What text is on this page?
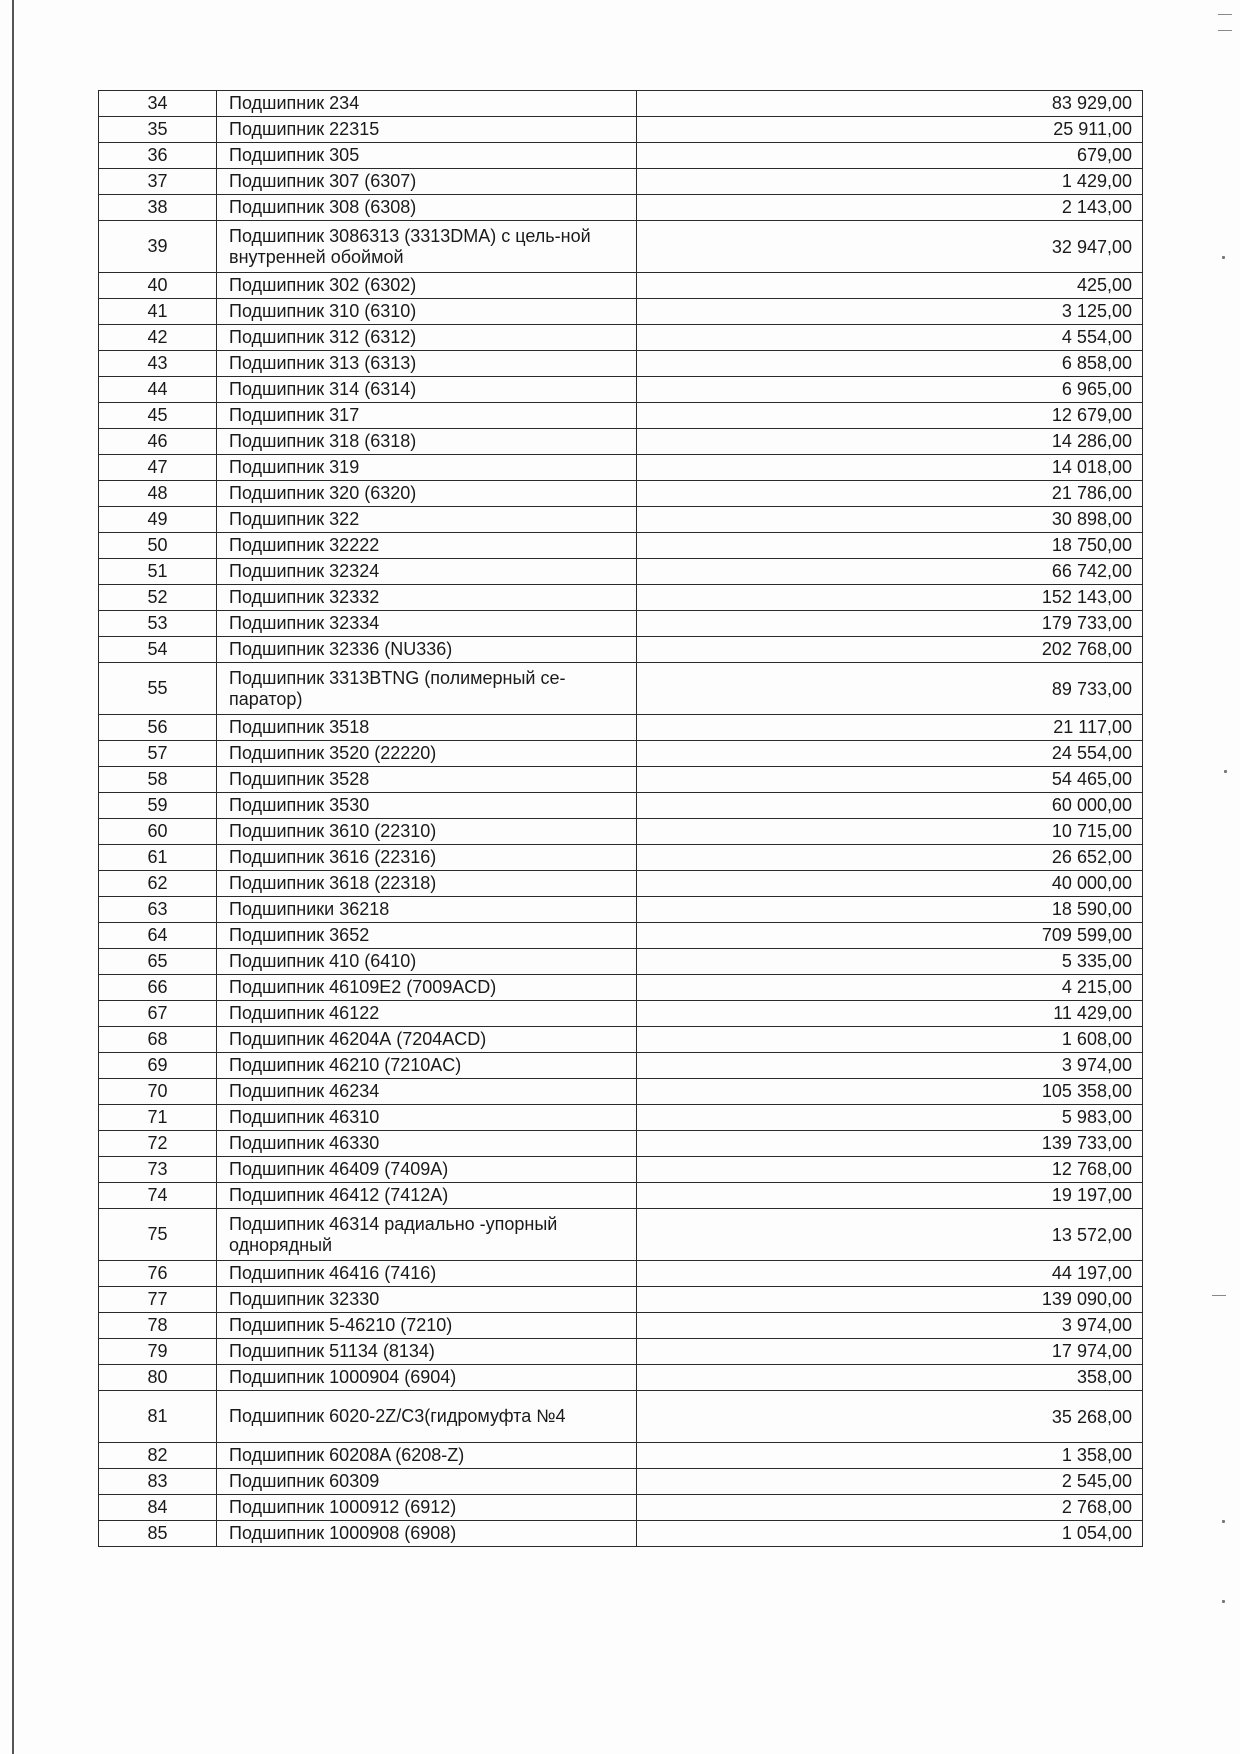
34	Подшипник 234	83 929,00
35	Подшипник 22315	25 911,00
36	Подшипник 305	679,00
37	Подшипник 307 (6307)	1 429,00
38	Подшипник 308 (6308)	2 143,00
39	Подшипник 3086313 (3313DMA) с цель-ной внутренней обоймой	32 947,00
40	Подшипник 302 (6302)	425,00
41	Подшипник 310 (6310)	3 125,00
42	Подшипник 312 (6312)	4 554,00
43	Подшипник 313 (6313)	6 858,00
44	Подшипник 314 (6314)	6 965,00
45	Подшипник 317	12 679,00
46	Подшипник 318 (6318)	14 286,00
47	Подшипник 319	14 018,00
48	Подшипник 320 (6320)	21 786,00
49	Подшипник 322	30 898,00
50	Подшипник 32222	18 750,00
51	Подшипник 32324	66 742,00
52	Подшипник 32332	152 143,00
53	Подшипник 32334	179 733,00
54	Подшипник 32336 (NU336)	202 768,00
55	Подшипник 3313BTNG (полимерный се-паратор)	89 733,00
56	Подшипник 3518	21 117,00
57	Подшипник 3520 (22220)	24 554,00
58	Подшипник 3528	54 465,00
59	Подшипник 3530	60 000,00
60	Подшипник 3610 (22310)	10 715,00
61	Подшипник 3616 (22316)	26 652,00
62	Подшипник 3618 (22318)	40 000,00
63	Подшипники 36218	18 590,00
64	Подшипник 3652	709 599,00
65	Подшипник 410 (6410)	5 335,00
66	Подшипник 46109Е2 (7009ACD)	4 215,00
67	Подшипник 46122	11 429,00
68	Подшипник 46204А (7204ACD)	1 608,00
69	Подшипник 46210 (7210AC)	3 974,00
70	Подшипник 46234	105 358,00
71	Подшипник 46310	5 983,00
72	Подшипник 46330	139 733,00
73	Подшипник 46409 (7409A)	12 768,00
74	Подшипник 46412 (7412A)	19 197,00
75	Подшипник 46314 радиально -упорный однорядный	13 572,00
76	Подшипник 46416 (7416)	44 197,00
77	Подшипник 32330	139 090,00
78	Подшипник 5-46210 (7210)	3 974,00
79	Подшипник 51134 (8134)	17 974,00
80	Подшипник 1000904 (6904)	358,00
81	Подшипник 6020-2Z/C3(гидромуфта №4	35 268,00
82	Подшипник 60208A (6208-Z)	1 358,00
83	Подшипник 60309	2 545,00
84	Подшипник 1000912 (6912)	2 768,00
85	Подшипник 1000908 (6908)	1 054,00
